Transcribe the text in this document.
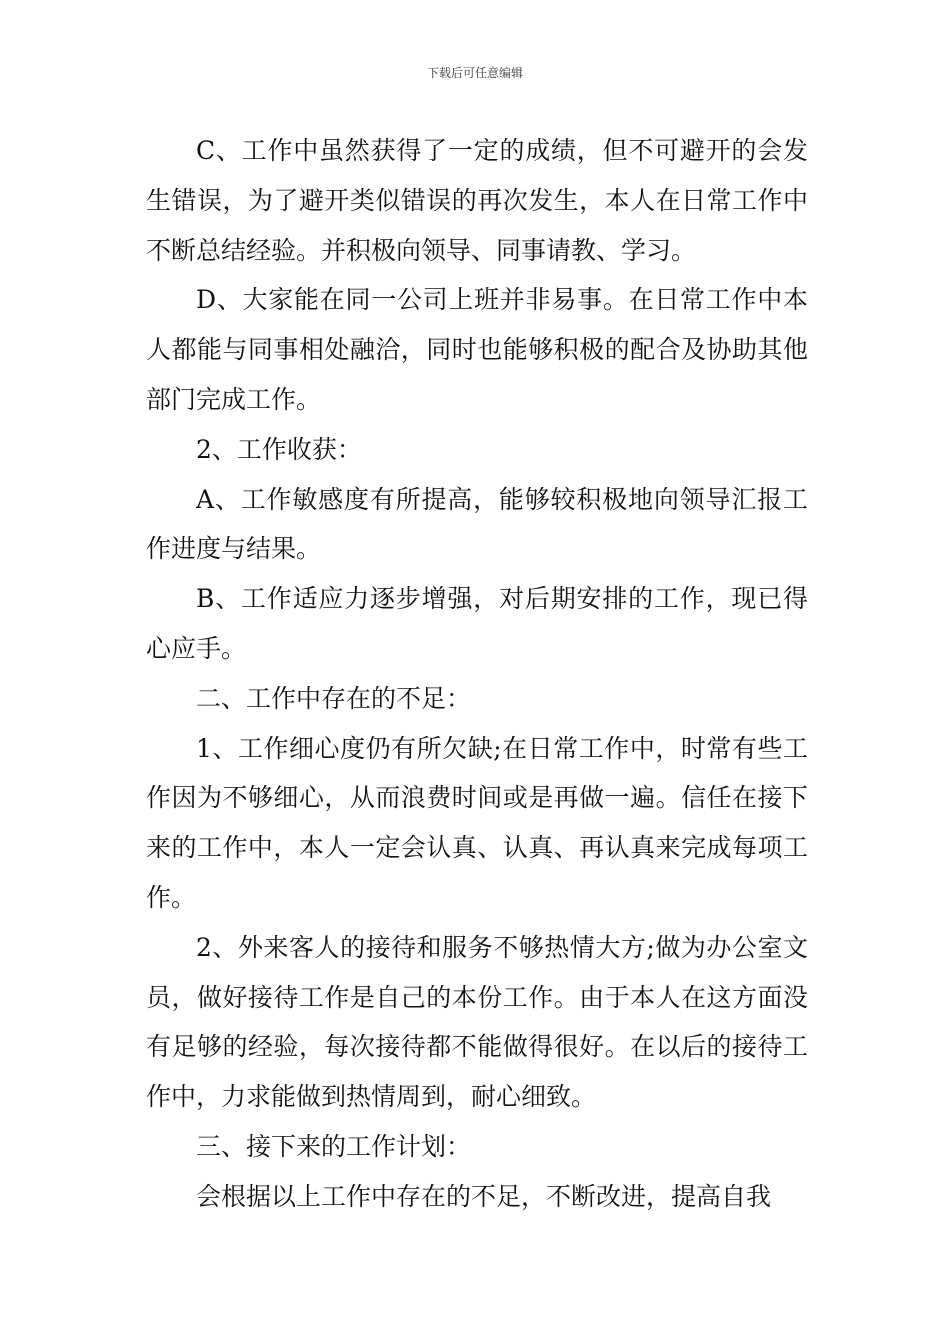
下载后可任意编辑

C、工作中虽然获得了一定的成绩，但不可避开的会发生错误，为了避开类似错误的再次发生，本人在日常工作中不断总结经验。并积极向领导、同事请教、学习。

D、大家能在同一公司上班并非易事。在日常工作中本人都能与同事相处融洽，同时也能够积极的配合及协助其他部门完成工作。

2、工作收获：

A、工作敏感度有所提高，能够较积极地向领导汇报工作进度与结果。

B、工作适应力逐步增强，对后期安排的工作，现已得心应手。

二、工作中存在的不足：

1、工作细心度仍有所欠缺;在日常工作中，时常有些工作因为不够细心，从而浪费时间或是再做一遍。信任在接下来的工作中，本人一定会认真、认真、再认真来完成每项工作。

2、外来客人的接待和服务不够热情大方;做为办公室文员，做好接待工作是自己的本份工作。由于本人在这方面没有足够的经验，每次接待都不能做得很好。在以后的接待工作中，力求能做到热情周到，耐心细致。

三、接下来的工作计划：

会根据以上工作中存在的不足，不断改进，提高自我
